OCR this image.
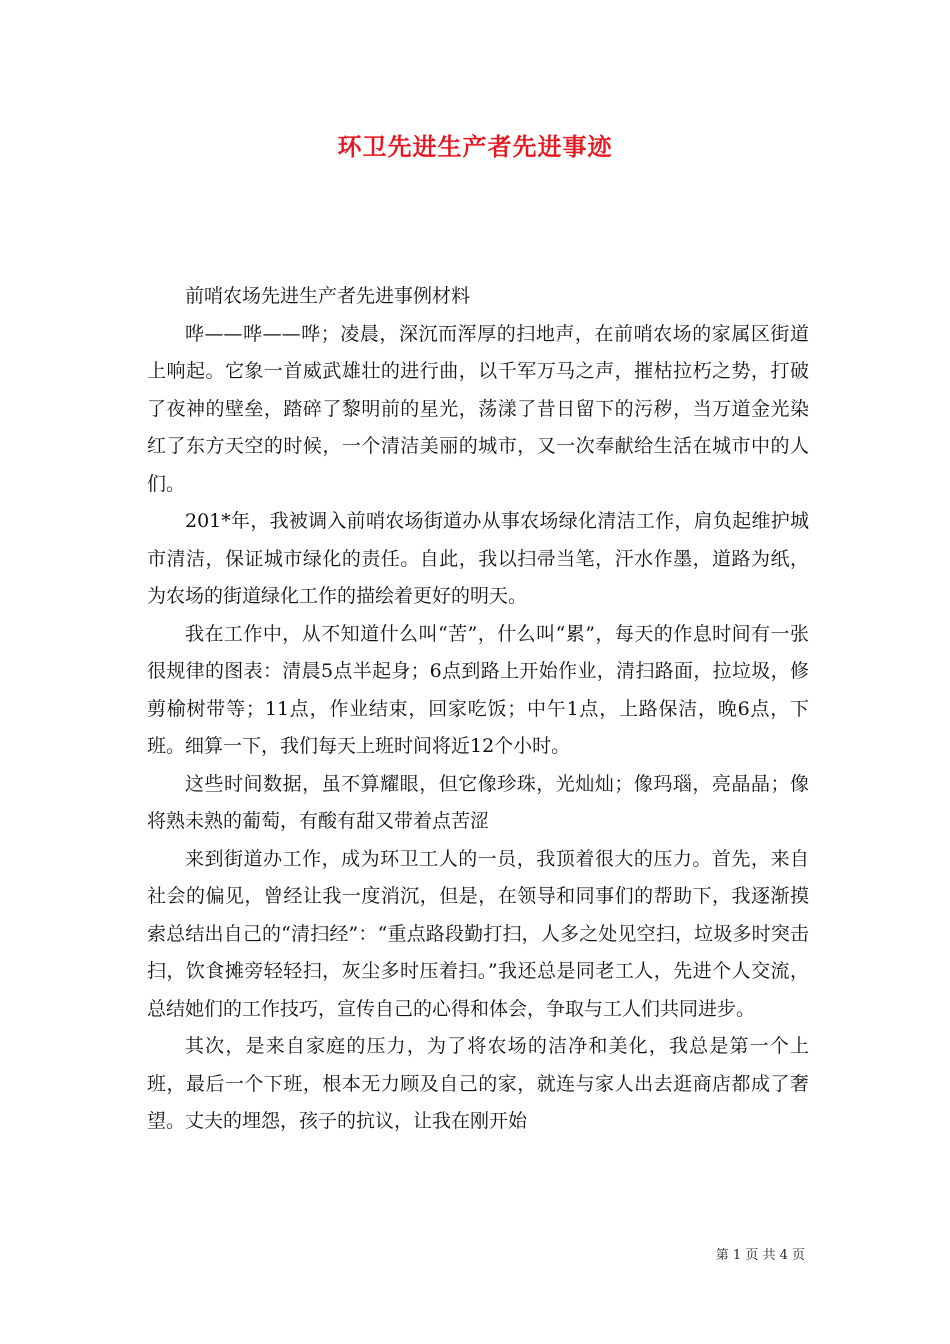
环卫先进生产者先进事迹

前哨农场先进生产者先进事例材料

哗——哗——哗；凌晨，深沉而浑厚的扫地声，在前哨农场的家属区街道上响起。它象一首威武雄壮的进行曲，以千军万马之声，摧枯拉朽之势，打破了夜神的壁垒，踏碎了黎明前的星光，荡漾了昔日留下的污秽，当万道金光染红了东方天空的时候，一个清洁美丽的城市，又一次奉献给生活在城市中的人们。

201*年，我被调入前哨农场街道办从事农场绿化清洁工作，肩负起维护城市清洁，保证城市绿化的责任。自此，我以扫帚当笔，汗水作墨，道路为纸，为农场的街道绿化工作的描绘着更好的明天。

我在工作中，从不知道什么叫“苦”，什么叫“累”，每天的作息时间有一张很规律的图表：清晨5点半起身；6点到路上开始作业，清扫路面，拉垃圾，修剪榆树带等；11点，作业结束，回家吃饭；中午1点，上路保洁，晚6点，下班。细算一下，我们每天上班时间将近12个小时。

这些时间数据，虽不算耀眼，但它像珍珠，光灿灿；像玛瑙，亮晶晶；像将熟未熟的葡萄，有酸有甜又带着点苦涩

来到街道办工作，成为环卫工人的一员，我顶着很大的压力。首先，来自社会的偏见，曾经让我一度消沉，但是，在领导和同事们的帮助下，我逐渐摸索总结出自己的“清扫经”：“重点路段勤打扫，人多之处见空扫，垃圾多时突击扫，饮食摊旁轻轻扫，灰尘多时压着扫。”我还总是同老工人，先进个人交流，总结她们的工作技巧，宣传自己的心得和体会，争取与工人们共同进步。

其次，是来自家庭的压力，为了将农场的洁净和美化，我总是第一个上班，最后一个下班，根本无力顾及自己的家，就连与家人出去逛商店都成了奢望。丈夫的埋怨，孩子的抗议，让我在刚开始

第 1 页 共 4 页
